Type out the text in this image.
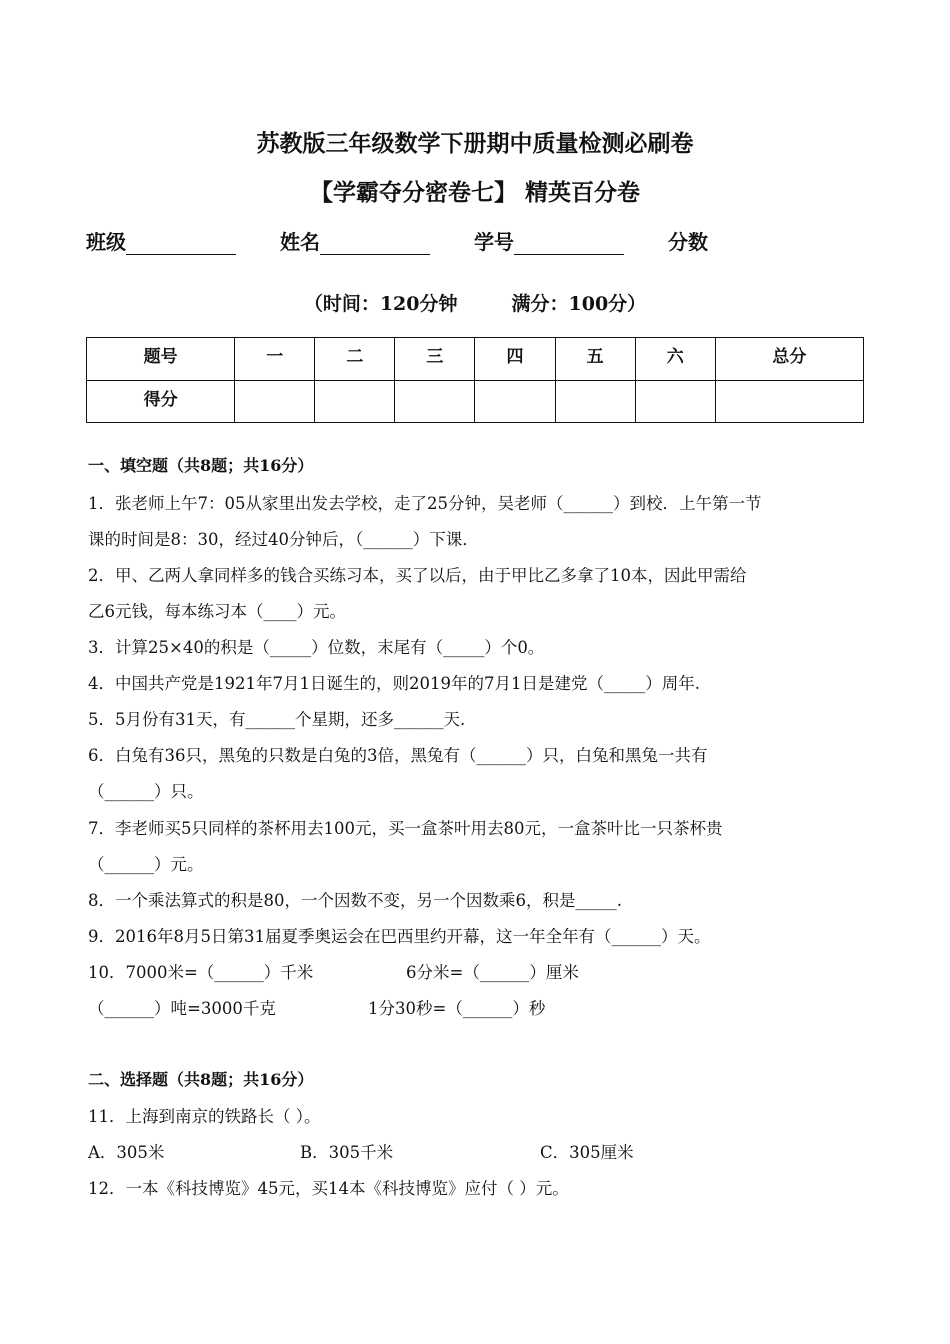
苏教版三年级数学下册期中质量检测必刷卷
【学霸夺分密卷七】 精英百分卷
班级	姓名	学号	分数
（时间：120分钟	满分：100分）
题号	一	二	三	四	五	六	总分
得分							
一、填空题（共8题；共16分）
1．张老师上午7：05从家里出发去学校，走了25分钟，吴老师（______）到校．上午第一节
课的时间是8：30，经过40分钟后，（______）下课．
2．甲、乙两人拿同样多的钱合买练习本，买了以后，由于甲比乙多拿了10本，因此甲需给
乙6元钱，每本练习本（____）元。
3．计算25×40的积是（_____）位数，末尾有（_____）个0。
4．中国共产党是1921年7月1日诞生的，则2019年的7月1日是建党（_____）周年.
5．5月份有31天，有______个星期，还多______天.
6．白兔有36只，黑兔的只数是白兔的3倍，黑兔有（______）只，白兔和黑兔一共有
（______）只。
7．李老师买5只同样的茶杯用去100元，买一盒茶叶用去80元，一盒茶叶比一只茶杯贵
（______）元。
8．一个乘法算式的积是80，一个因数不变，另一个因数乘6，积是_____.
9．2016年8月5日第31届夏季奥运会在巴西里约开幕，这一年全年有（______）天。
10．7000米=（______）千米	6分米=（______）厘米
（______）吨=3000千克	1分30秒=（______）秒
二、选择题（共8题；共16分）
11．上海到南京的铁路长（ ）。
A．305米	B．305千米	C．305厘米
12．一本《科技博览》45元，买14本《科技博览》应付（ ）元。
